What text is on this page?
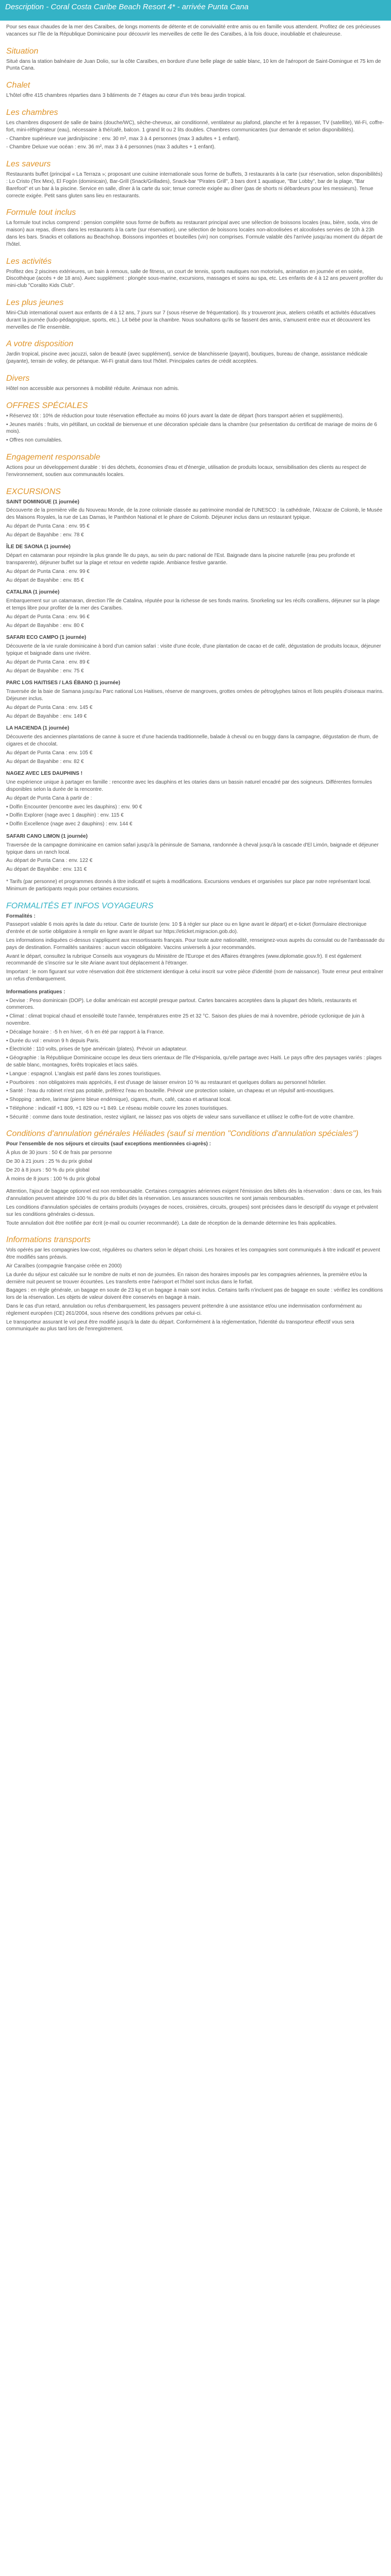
Description - Coral Costa Caribe Beach Resort 4* - arrivée Punta Cana

Pour ses eaux chaudes de la mer des Caraïbes, de longs moments de détente et de convivialité entre amis ou en famille vous attendent. Profitez de ces précieuses vacances sur l'île de la République Dominicaine pour découvrir les merveilles de cette île des Caraïbes, à la fois douce, inoubliable et chaleureuse.

Situation

Situé dans la station balnéaire de Juan Dolio, sur la côte Caraïbes, en bordure d'une belle plage de sable blanc, 10 km de l'aéroport de Saint-Domingue et 75 km de Punta Cana.

Chalet

L'hôtel offre 415 chambres réparties dans 3 bâtiments de 7 étages au cœur d'un très beau jardin tropical.

Les chambres

Les chambres disposent de salle de bains (douche/WC), sèche-cheveux, air conditionné, ventilateur au plafond, planche et fer à repasser, TV (satellite), Wi-Fi, coffre-fort, mini-réfrigérateur (eau), nécessaire à thé/café, balcon. 1 grand lit ou 2 lits doubles. Chambres communicantes (sur demande et selon disponibilités).

- Chambre supérieure vue jardin/piscine : env. 30 m², max 3 à 4 personnes (max 3 adultes + 1 enfant).

- Chambre Deluxe vue océan : env. 36 m², max 3 à 4 personnes (max 3 adultes + 1 enfant).

Les saveurs

Restaurants buffet (principal « La Terraza »; proposant une cuisine internationale sous forme de buffets, 3 restaurants à la carte (sur réservation, selon disponibilités) : Lo Cristo (Tex Mex), El Fogón (dominicain), Bar-Grill (Snack/Grillades), Snack-bar "Pirates Grill", 3 bars dont 1 aquatique, "Bar Lobby", bar de la plage, "Bar Barefoot" et un bar à la piscine. Service en salle, dîner à la carte du soir; tenue correcte exigée au dîner (pas de shorts ni débardeurs pour les messieurs). Tenue correcte exigée. Petit sans gluten sans lieu en restaurants.

Formule tout inclus

La formule tout inclus comprend : pension complète sous forme de buffets au restaurant principal avec une sélection de boissons locales (eau, bière, soda, vins de maison) aux repas, dîners dans les restaurants à la carte (sur réservation), une sélection de boissons locales non-alcoolisées et alcoolisées servies de 10h à 23h dans les bars. Snacks et collations au Beachshop. Boissons importées et bouteilles (vin) non comprises. Formule valable dès l'arrivée jusqu'au moment du départ de l'hôtel.

Les activités

Profitez des 2 piscines extérieures, un bain à remous, salle de fitness, un court de tennis, sports nautiques non motorisés, animation en journée et en soirée, Discothèque (accès + de 18 ans). Avec supplément : plongée sous-marine, excursions, massages et soins au spa, etc. Les enfants de 4 à 12 ans peuvent profiter du mini-club "Coralito Kids Club".

Les plus jeunes

Mini-Club international ouvert aux enfants de 4 à 12 ans, 7 jours sur 7 (sous réserve de fréquentation). Ils y trouveront jeux, ateliers créatifs et activités éducatives durant la journée (ludo-pédagogique, sports, etc.). Lit bébé pour la chambre. Nous souhaitons qu'ils se fassent des amis, s'amusent entre eux et découvrent les merveilles de l'île ensemble.

A votre disposition

Jardin tropical, piscine avec jacuzzi, salon de beauté (avec supplément), service de blanchisserie (payant), boutiques, bureau de change, assistance médicale (payante), terrain de volley, de pétanque. Wi-Fi gratuit dans tout l'hôtel. Principales cartes de crédit acceptées.

Divers

Hôtel non accessible aux personnes à mobilité réduite. Animaux non admis.

OFFRES SPÉCIALES

• Réservez tôt : 10% de réduction pour toute réservation effectuée au moins 60 jours avant la date de départ (hors transport aérien et suppléments).

• Jeunes mariés : fruits, vin pétillant, un cocktail de bienvenue et une décoration spéciale dans la chambre (sur présentation du certificat de mariage de moins de 6 mois).

• Offres non cumulables.

Engagement responsable

Actions pour un développement durable : tri des déchets, économies d'eau et d'énergie, utilisation de produits locaux, sensibilisation des clients au respect de l'environnement, soutien aux communautés locales.

EXCURSIONS

SAINT DOMINGUE (1 journée)

Découverte de la première ville du Nouveau Monde, de la zone coloniale classée au patrimoine mondial de l'UNESCO : la cathédrale, l'Alcazar de Colomb, le Musée des Maisons Royales, la rue de Las Damas, le Panthéon National et le phare de Colomb. Déjeuner inclus dans un restaurant typique.

Au départ de Punta Cana : env. 95 €

Au départ de Bayahibe : env. 78 €

ÎLE DE SAONA (1 journée)

Départ en catamaran pour rejoindre la plus grande île du pays, au sein du parc national de l'Est. Baignade dans la piscine naturelle (eau peu profonde et transparente), déjeuner buffet sur la plage et retour en vedette rapide. Ambiance festive garantie.

Au départ de Punta Cana : env. 99 €

Au départ de Bayahibe : env. 85 €

CATALINA (1 journée)

Embarquement sur un catamaran, direction l'île de Catalina, réputée pour la richesse de ses fonds marins. Snorkeling sur les récifs coralliens, déjeuner sur la plage et temps libre pour profiter de la mer des Caraïbes.

Au départ de Punta Cana : env. 96 €

Au départ de Bayahibe : env. 80 €

SAFARI ECO CAMPO (1 journée)

Découverte de la vie rurale dominicaine à bord d'un camion safari : visite d'une école, d'une plantation de cacao et de café, dégustation de produits locaux, déjeuner typique et baignade dans une rivière.

Au départ de Punta Cana : env. 89 €

Au départ de Bayahibe : env. 75 €

PARC LOS HAITISES / LAS ÉBANO (1 journée)

Traversée de la baie de Samana jusqu'au Parc national Los Haitises, réserve de mangroves, grottes ornées de pétroglyphes taïnos et îlots peuplés d'oiseaux marins. Déjeuner inclus.

Au départ de Punta Cana : env. 145 €

Au départ de Bayahibe : env. 149 €

LA HACIENDA (1 journée)

Découverte des anciennes plantations de canne à sucre et d'une hacienda traditionnelle, balade à cheval ou en buggy dans la campagne, dégustation de rhum, de cigares et de chocolat.

Au départ de Punta Cana : env. 105 €

Au départ de Bayahibe : env. 82 €

NAGEZ AVEC LES DAUPHINS !

Une expérience unique à partager en famille : rencontre avec les dauphins et les otaries dans un bassin naturel encadré par des soigneurs. Différentes formules disponibles selon la durée de la rencontre.

Au départ de Punta Cana à partir de :

• Dolfin Encounter (rencontre avec les dauphins) : env. 90 €

• Dolfin Explorer (nage avec 1 dauphin) : env. 115 €

• Dolfin Excellence (nage avec 2 dauphins) : env. 144 €

SAFARI CANO LIMON (1 journée)

Traversée de la campagne dominicaine en camion safari jusqu'à la péninsule de Samana, randonnée à cheval jusqu'à la cascade d'El Limón, baignade et déjeuner typique dans un ranch local.

Au départ de Punta Cana : env. 122 €

Au départ de Bayahibe : env. 131 €

* Tarifs (par personne) et programmes donnés à titre indicatif et sujets à modifications. Excursions vendues et organisées sur place par notre représentant local. Minimum de participants requis pour certaines excursions.

FORMALITÉS ET INFOS VOYAGEURS

Formalités :

Passeport valable 6 mois après la date du retour. Carte de touriste (env. 10 $ à régler sur place ou en ligne avant le départ) et e-ticket (formulaire électronique d'entrée et de sortie obligatoire à remplir en ligne avant le départ sur https://eticket.migracion.gob.do).

Les informations indiquées ci-dessus s'appliquent aux ressortissants français. Pour toute autre nationalité, renseignez-vous auprès du consulat ou de l'ambassade du pays de destination. Formalités sanitaires : aucun vaccin obligatoire. Vaccins universels à jour recommandés.

Avant le départ, consultez la rubrique Conseils aux voyageurs du Ministère de l'Europe et des Affaires étrangères (www.diplomatie.gouv.fr). Il est également recommandé de s'inscrire sur le site Ariane avant tout déplacement à l'étranger.

Important : le nom figurant sur votre réservation doit être strictement identique à celui inscrit sur votre pièce d'identité (nom de naissance). Toute erreur peut entraîner un refus d'embarquement.

Informations pratiques :

• Devise : Peso dominicain (DOP). Le dollar américain est accepté presque partout. Cartes bancaires acceptées dans la plupart des hôtels, restaurants et commerces.

• Climat : climat tropical chaud et ensoleillé toute l'année, températures entre 25 et 32 °C. Saison des pluies de mai à novembre, période cyclonique de juin à novembre.

• Décalage horaire : -5 h en hiver, -6 h en été par rapport à la France.

• Durée du vol : environ 9 h depuis Paris.

• Électricité : 110 volts, prises de type américain (plates). Prévoir un adaptateur.

• Géographie : la République Dominicaine occupe les deux tiers orientaux de l'île d'Hispaniola, qu'elle partage avec Haïti. Le pays offre des paysages variés : plages de sable blanc, montagnes, forêts tropicales et lacs salés.

• Langue : espagnol. L'anglais est parlé dans les zones touristiques.

• Pourboires : non obligatoires mais appréciés, il est d'usage de laisser environ 10 % au restaurant et quelques dollars au personnel hôtelier.

• Santé : l'eau du robinet n'est pas potable, préférez l'eau en bouteille. Prévoir une protection solaire, un chapeau et un répulsif anti-moustiques.

• Shopping : ambre, larimar (pierre bleue endémique), cigares, rhum, café, cacao et artisanat local.

• Téléphone : indicatif +1 809, +1 829 ou +1 849. Le réseau mobile couvre les zones touristiques.

• Sécurité : comme dans toute destination, restez vigilant, ne laissez pas vos objets de valeur sans surveillance et utilisez le coffre-fort de votre chambre.

Conditions d'annulation générales Héliades (sauf si mention "Conditions d'annulation spéciales")

Pour l'ensemble de nos séjours et circuits (sauf exceptions mentionnées ci-après) :

À plus de 30 jours : 50 € de frais par personne

De 30 à 21 jours : 25 % du prix global

De 20 à 8 jours : 50 % du prix global

À moins de 8 jours : 100 % du prix global

Attention, l'ajout de bagage optionnel est non remboursable. Certaines compagnies aériennes exigent l'émission des billets dès la réservation : dans ce cas, les frais d'annulation peuvent atteindre 100 % du prix du billet dès la réservation. Les assurances souscrites ne sont jamais remboursables.

Les conditions d'annulation spéciales de certains produits (voyages de noces, croisières, circuits, groupes) sont précisées dans le descriptif du voyage et prévalent sur les conditions générales ci-dessus.

Toute annulation doit être notifiée par écrit (e-mail ou courrier recommandé). La date de réception de la demande détermine les frais applicables.

Informations transports

Vols opérés par les compagnies low-cost, régulières ou charters selon le départ choisi. Les horaires et les compagnies sont communiqués à titre indicatif et peuvent être modifiés sans préavis.

Air Caraïbes (compagnie française créée en 2000)

La durée du séjour est calculée sur le nombre de nuits et non de journées. En raison des horaires imposés par les compagnies aériennes, la première et/ou la dernière nuit peuvent se trouver écourtées. Les transferts entre l'aéroport et l'hôtel sont inclus dans le forfait.

Bagages : en règle générale, un bagage en soute de 23 kg et un bagage à main sont inclus. Certains tarifs n'incluent pas de bagage en soute : vérifiez les conditions lors de la réservation. Les objets de valeur doivent être conservés en bagage à main.

Dans le cas d'un retard, annulation ou refus d'embarquement, les passagers peuvent prétendre à une assistance et/ou une indemnisation conformément au règlement européen (CE) 261/2004, sous réserve des conditions prévues par celui-ci.

Le transporteur assurant le vol peut être modifié jusqu'à la date du départ. Conformément à la réglementation, l'identité du transporteur effectif vous sera communiquée au plus tard lors de l'enregistrement.
